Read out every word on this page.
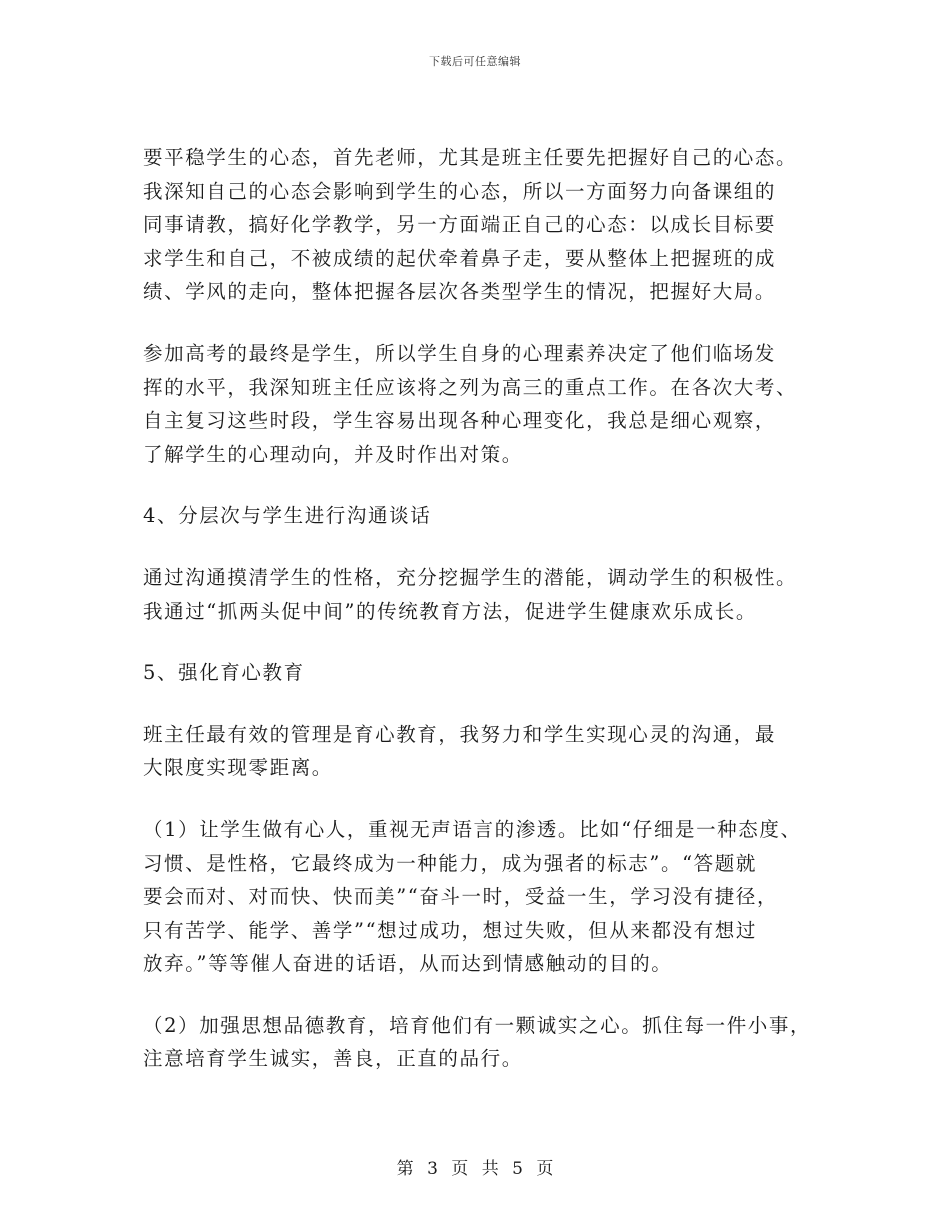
下载后可任意编辑
要平稳学生的心态，首先老师，尤其是班主任要先把握好自己的心态。
我深知自己的心态会影响到学生的心态，所以一方面努力向备课组的
同事请教，搞好化学教学，另一方面端正自己的心态：以成长目标要
求学生和自己，不被成绩的起伏牵着鼻子走，要从整体上把握班的成
绩、学风的走向，整体把握各层次各类型学生的情况，把握好大局。
参加高考的最终是学生，所以学生自身的心理素养决定了他们临场发
挥的水平，我深知班主任应该将之列为高三的重点工作。在各次大考、
自主复习这些时段，学生容易出现各种心理变化，我总是细心观察，
了解学生的心理动向，并及时作出对策。
4、分层次与学生进行沟通谈话
通过沟通摸清学生的性格，充分挖掘学生的潜能，调动学生的积极性。
我通过“抓两头促中间”的传统教育方法，促进学生健康欢乐成长。
5、强化育心教育
班主任最有效的管理是育心教育，我努力和学生实现心灵的沟通，最
大限度实现零距离。
（1）让学生做有心人，重视无声语言的渗透。比如“仔细是一种态度、
习惯、是性格，它最终成为一种能力，成为强者的标志”。“答题就
要会而对、对而快、快而美”“奋斗一时，受益一生，学习没有捷径，
只有苦学、能学、善学”“想过成功，想过失败，但从来都没有想过
放弃。”等等催人奋进的话语，从而达到情感触动的目的。
（2）加强思想品德教育，培育他们有一颗诚实之心。抓住每一件小事，
注意培育学生诚实，善良，正直的品行。
第 3 页 共 5 页
